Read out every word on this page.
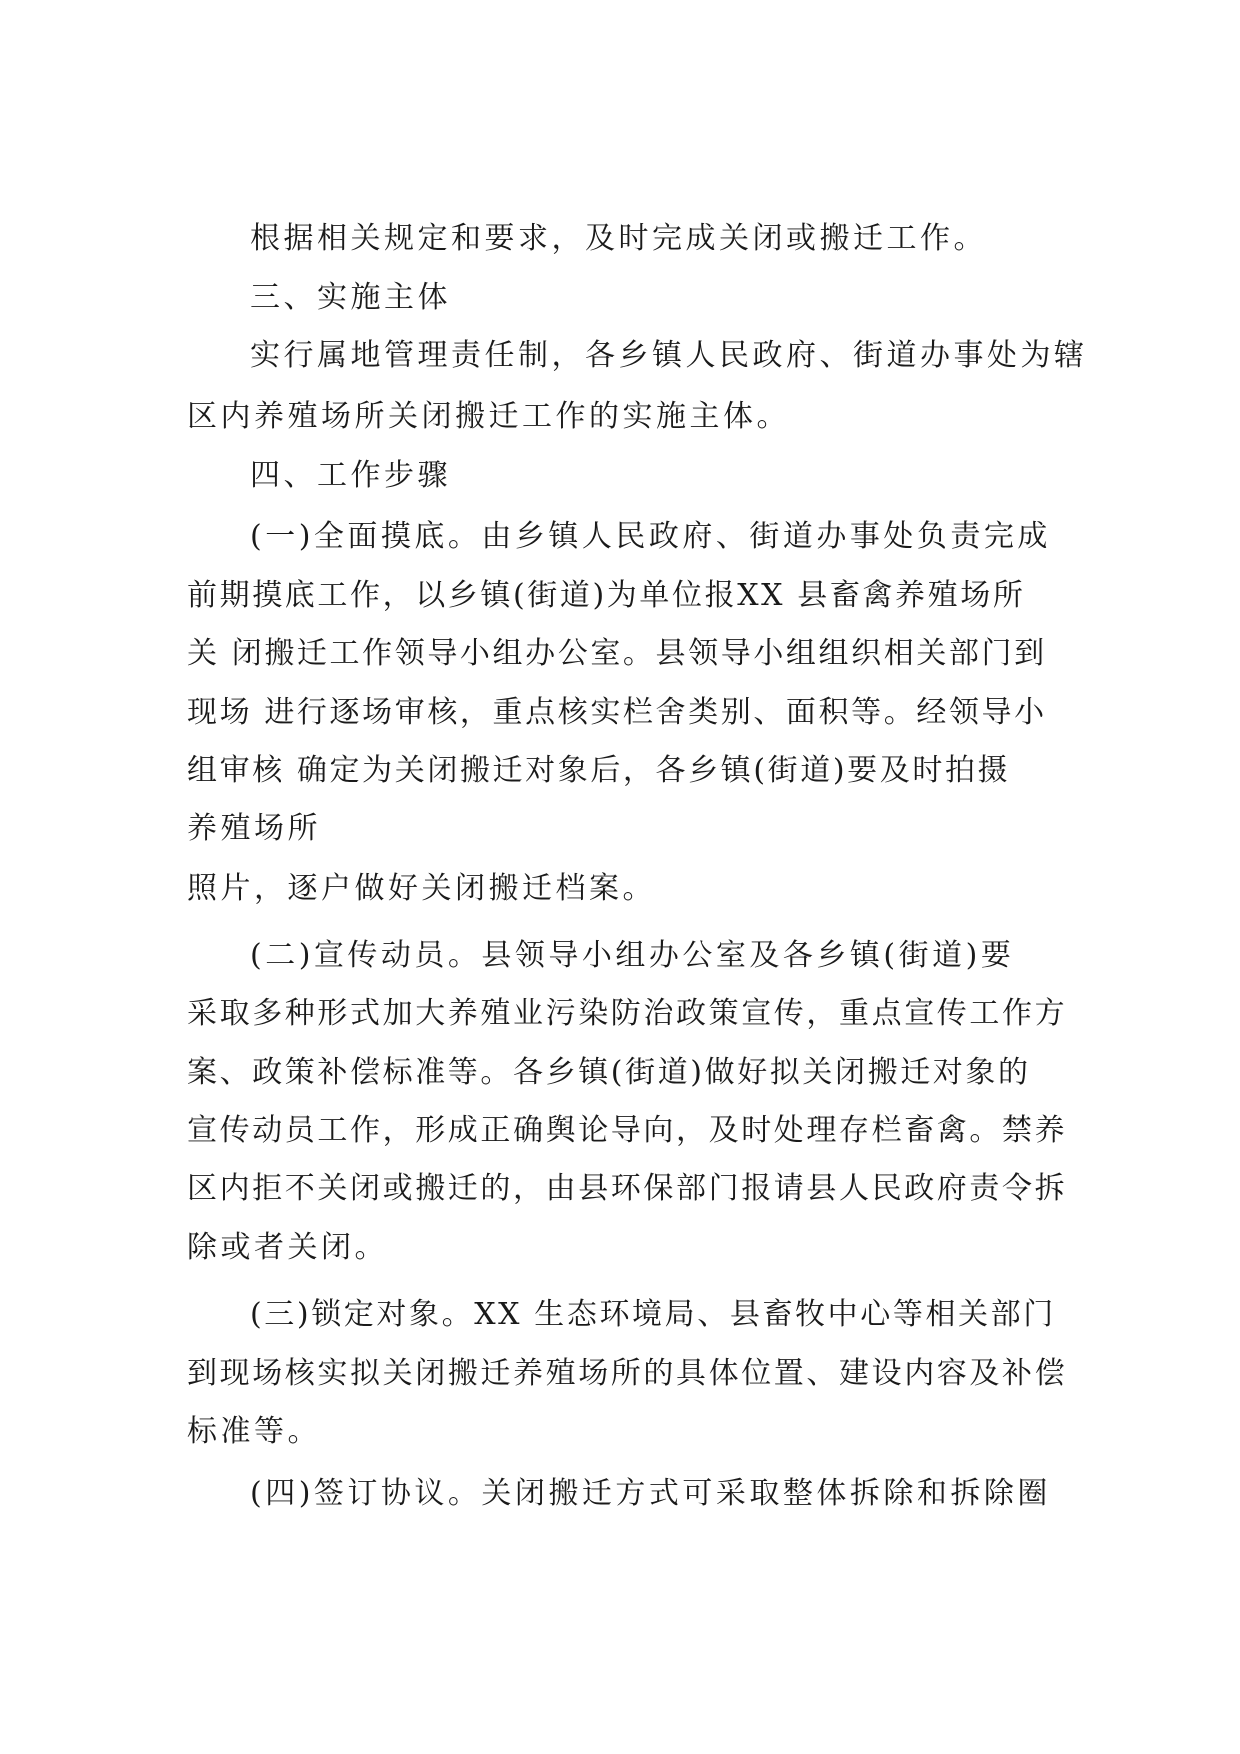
根据相关规定和要求，及时完成关闭或搬迁工作。
三、实施主体
实行属地管理责任制，各乡镇人民政府、街道办事处为辖
区内养殖场所关闭搬迁工作的实施主体。
四、工作步骤
(一)全面摸底。由乡镇人民政府、街道办事处负责完成
前期摸底工作，以乡镇(街道)为单位报XX 县畜禽养殖场所
关 闭搬迁工作领导小组办公室。县领导小组组织相关部门到
现场 进行逐场审核，重点核实栏舍类别、面积等。经领导小
组审核 确定为关闭搬迁对象后，各乡镇(街道)要及时拍摄
养殖场所
照片，逐户做好关闭搬迁档案。
(二)宣传动员。县领导小组办公室及各乡镇(街道)要
采取多种形式加大养殖业污染防治政策宣传，重点宣传工作方
案、政策补偿标准等。各乡镇(街道)做好拟关闭搬迁对象的
宣传动员工作，形成正确舆论导向，及时处理存栏畜禽。禁养
区内拒不关闭或搬迁的，由县环保部门报请县人民政府责令拆
除或者关闭。
(三)锁定对象。XX 生态环境局、县畜牧中心等相关部门
到现场核实拟关闭搬迁养殖场所的具体位置、建设内容及补偿
标准等。
(四)签订协议。关闭搬迁方式可采取整体拆除和拆除圈
